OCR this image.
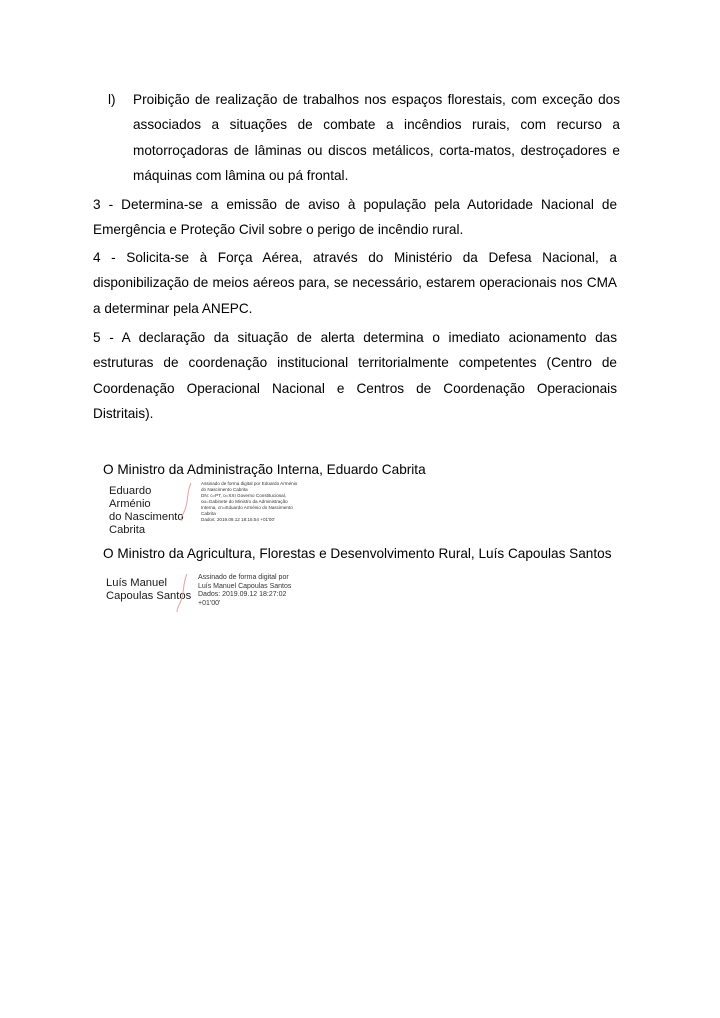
l) Proibição de realização de trabalhos nos espaços florestais, com exceção dos associados a situações de combate a incêndios rurais, com recurso a motorroçadoras de lâminas ou discos metálicos, corta-matos, destroçadores e máquinas com lâmina ou pá frontal.
3 - Determina-se a emissão de aviso à população pela Autoridade Nacional de Emergência e Proteção Civil sobre o perigo de incêndio rural.
4 - Solicita-se à Força Aérea, através do Ministério da Defesa Nacional, a disponibilização de meios aéreos para, se necessário, estarem operacionais nos CMA a determinar pela ANEPC.
5 - A declaração da situação de alerta determina o imediato acionamento das estruturas de coordenação institucional territorialmente competentes (Centro de Coordenação Operacional Nacional e Centros de Coordenação Operacionais Distritais).
O Ministro da Administração Interna, Eduardo Cabrita
Eduardo Arménio
do Nascimento
Cabrita
Assinado de forma digital por Eduardo Arménio
do Nascimento Cabrita
DN: c=PT, o=XXI Governo Constitucional,
ou=Gabinete do Ministro da Administração
Interna, cn=Eduardo Arménio do Nascimento
Cabrita
Dados: 2019.09.12 18:15:54 +01'00'
O Ministro da Agricultura, Florestas e Desenvolvimento Rural, Luís Capoulas Santos
Luís Manuel
Capoulas Santos
Assinado de forma digital por
Luís Manuel Capoulas Santos
Dados: 2019.09.12 18:27:02
+01'00'
